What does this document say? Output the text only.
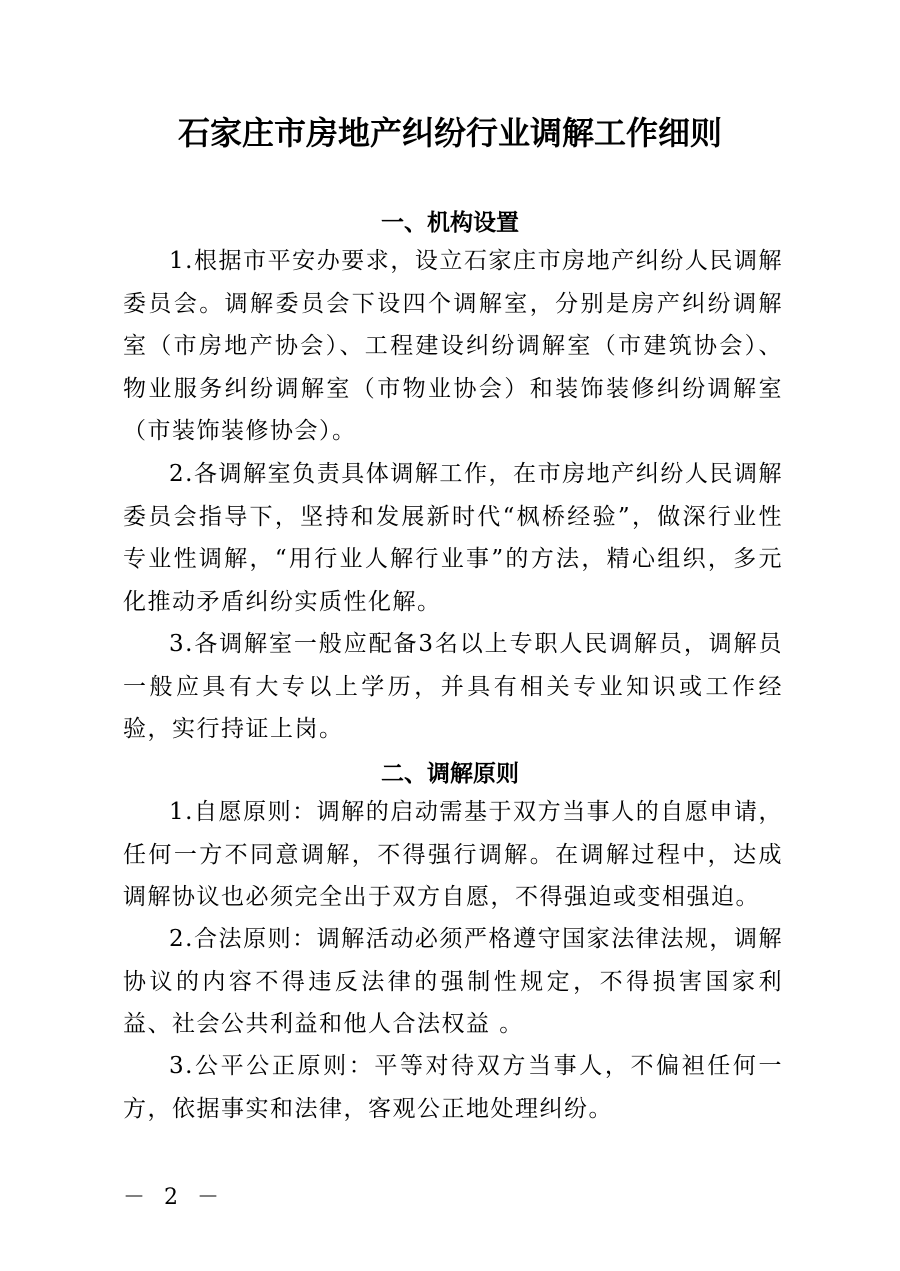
石家庄市房地产纠纷行业调解工作细则
一、机构设置

1.根据市平安办要求，设立石家庄市房地产纠纷人民调解委员会。调解委员会下设四个调解室，分别是房产纠纷调解室（市房地产协会）、工程建设纠纷调解室（市建筑协会）、物业服务纠纷调解室（市物业协会）和装饰装修纠纷调解室（市装饰装修协会）。

2.各调解室负责具体调解工作，在市房地产纠纷人民调解委员会指导下，坚持和发展新时代“枫桥经验”，做深行业性专业性调解，“用行业人解行业事”的方法，精心组织，多元化推动矛盾纠纷实质性化解。

3.各调解室一般应配备3名以上专职人民调解员，调解员一般应具有大专以上学历，并具有相关专业知识或工作经验，实行持证上岗。

二、调解原则

1.自愿原则：调解的启动需基于双方当事人的自愿申请，任何一方不同意调解，不得强行调解。在调解过程中，达成调解协议也必须完全出于双方自愿，不得强迫或变相强迫。

2.合法原则：调解活动必须严格遵守国家法律法规，调解协议的内容不得违反法律的强制性规定，不得损害国家利益、社会公共利益和他人合法权益 。

3.公平公正原则：平等对待双方当事人，不偏袒任何一方，依据事实和法律，客观公正地处理纠纷。

－ 2 －
